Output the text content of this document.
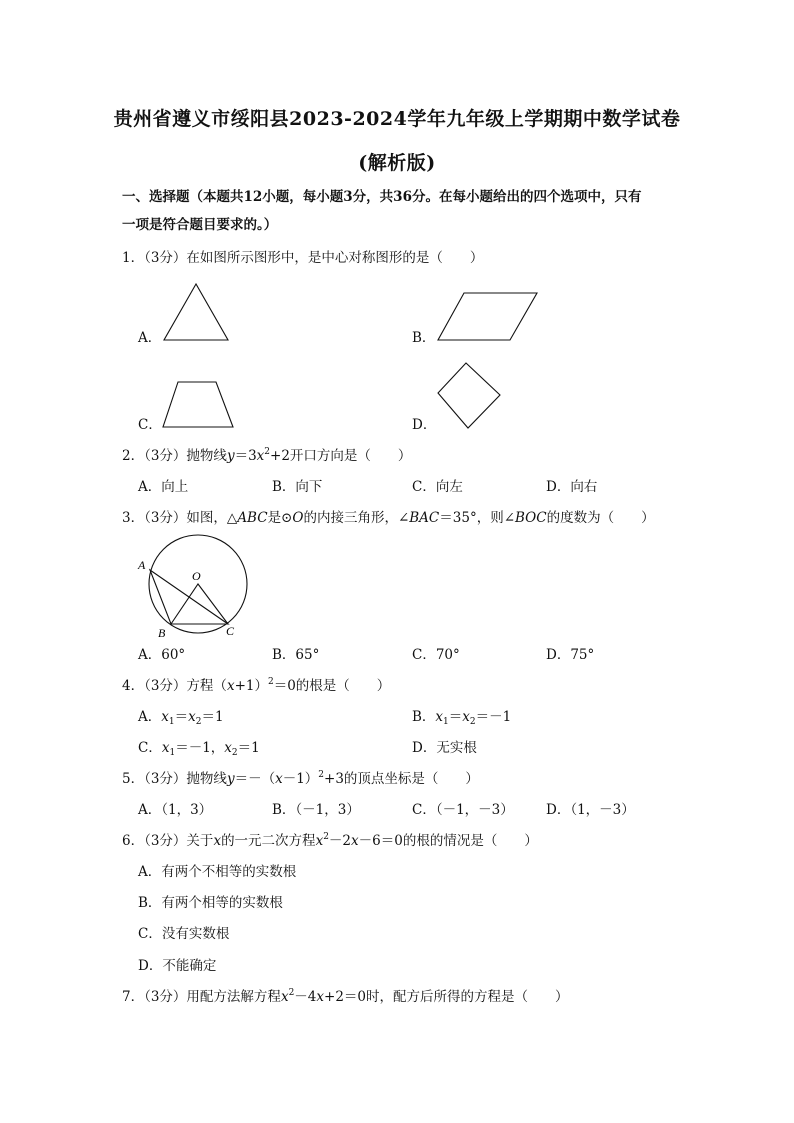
贵州省遵义市绥阳县2023-2024学年九年级上学期期中数学试卷
(解析版)
一、选择题（本题共12小题，每小题3分，共36分。在每小题给出的四个选项中，只有
一项是符合题目要求的。）
1．（3分）在如图所示图形中，是中心对称图形的是（　　）
A．	B．
C．	D．
2．（3分）抛物线$y=3x^2+2$开口方向是（　　）
A．向上	B．向下	C．向左	D．向右
3．（3分）如图，△ABC是⊙O的内接三角形，∠BAC＝35°，则∠BOC的度数为（　　）
A
B	C
O
A．60°	B．65°	C．70°	D．75°
4．（3分）方程$(x+1)^2=0$的根是（　　）
A．$x_1=x_2=1$	B．$x_1=x_2=-1$
C．$x_1=-1$，$x_2=1$	D．无实根
5．（3分）抛物线$y=-(x-1)^2+3$的顶点坐标是（　　）
A．（1，3）	B．（－1，3）	C．（－1，－3） D．（1，－3）
6．（3分）关于x的一元二次方程$x^2-2x-6=0$的根的情况是（　　）
A．有两个不相等的实数根
B．有两个相等的实数根
C．没有实数根
D．不能确定
7．（3分）用配方法解方程$x^2-4x+2=0$时，配方后所得的方程是（　　）
